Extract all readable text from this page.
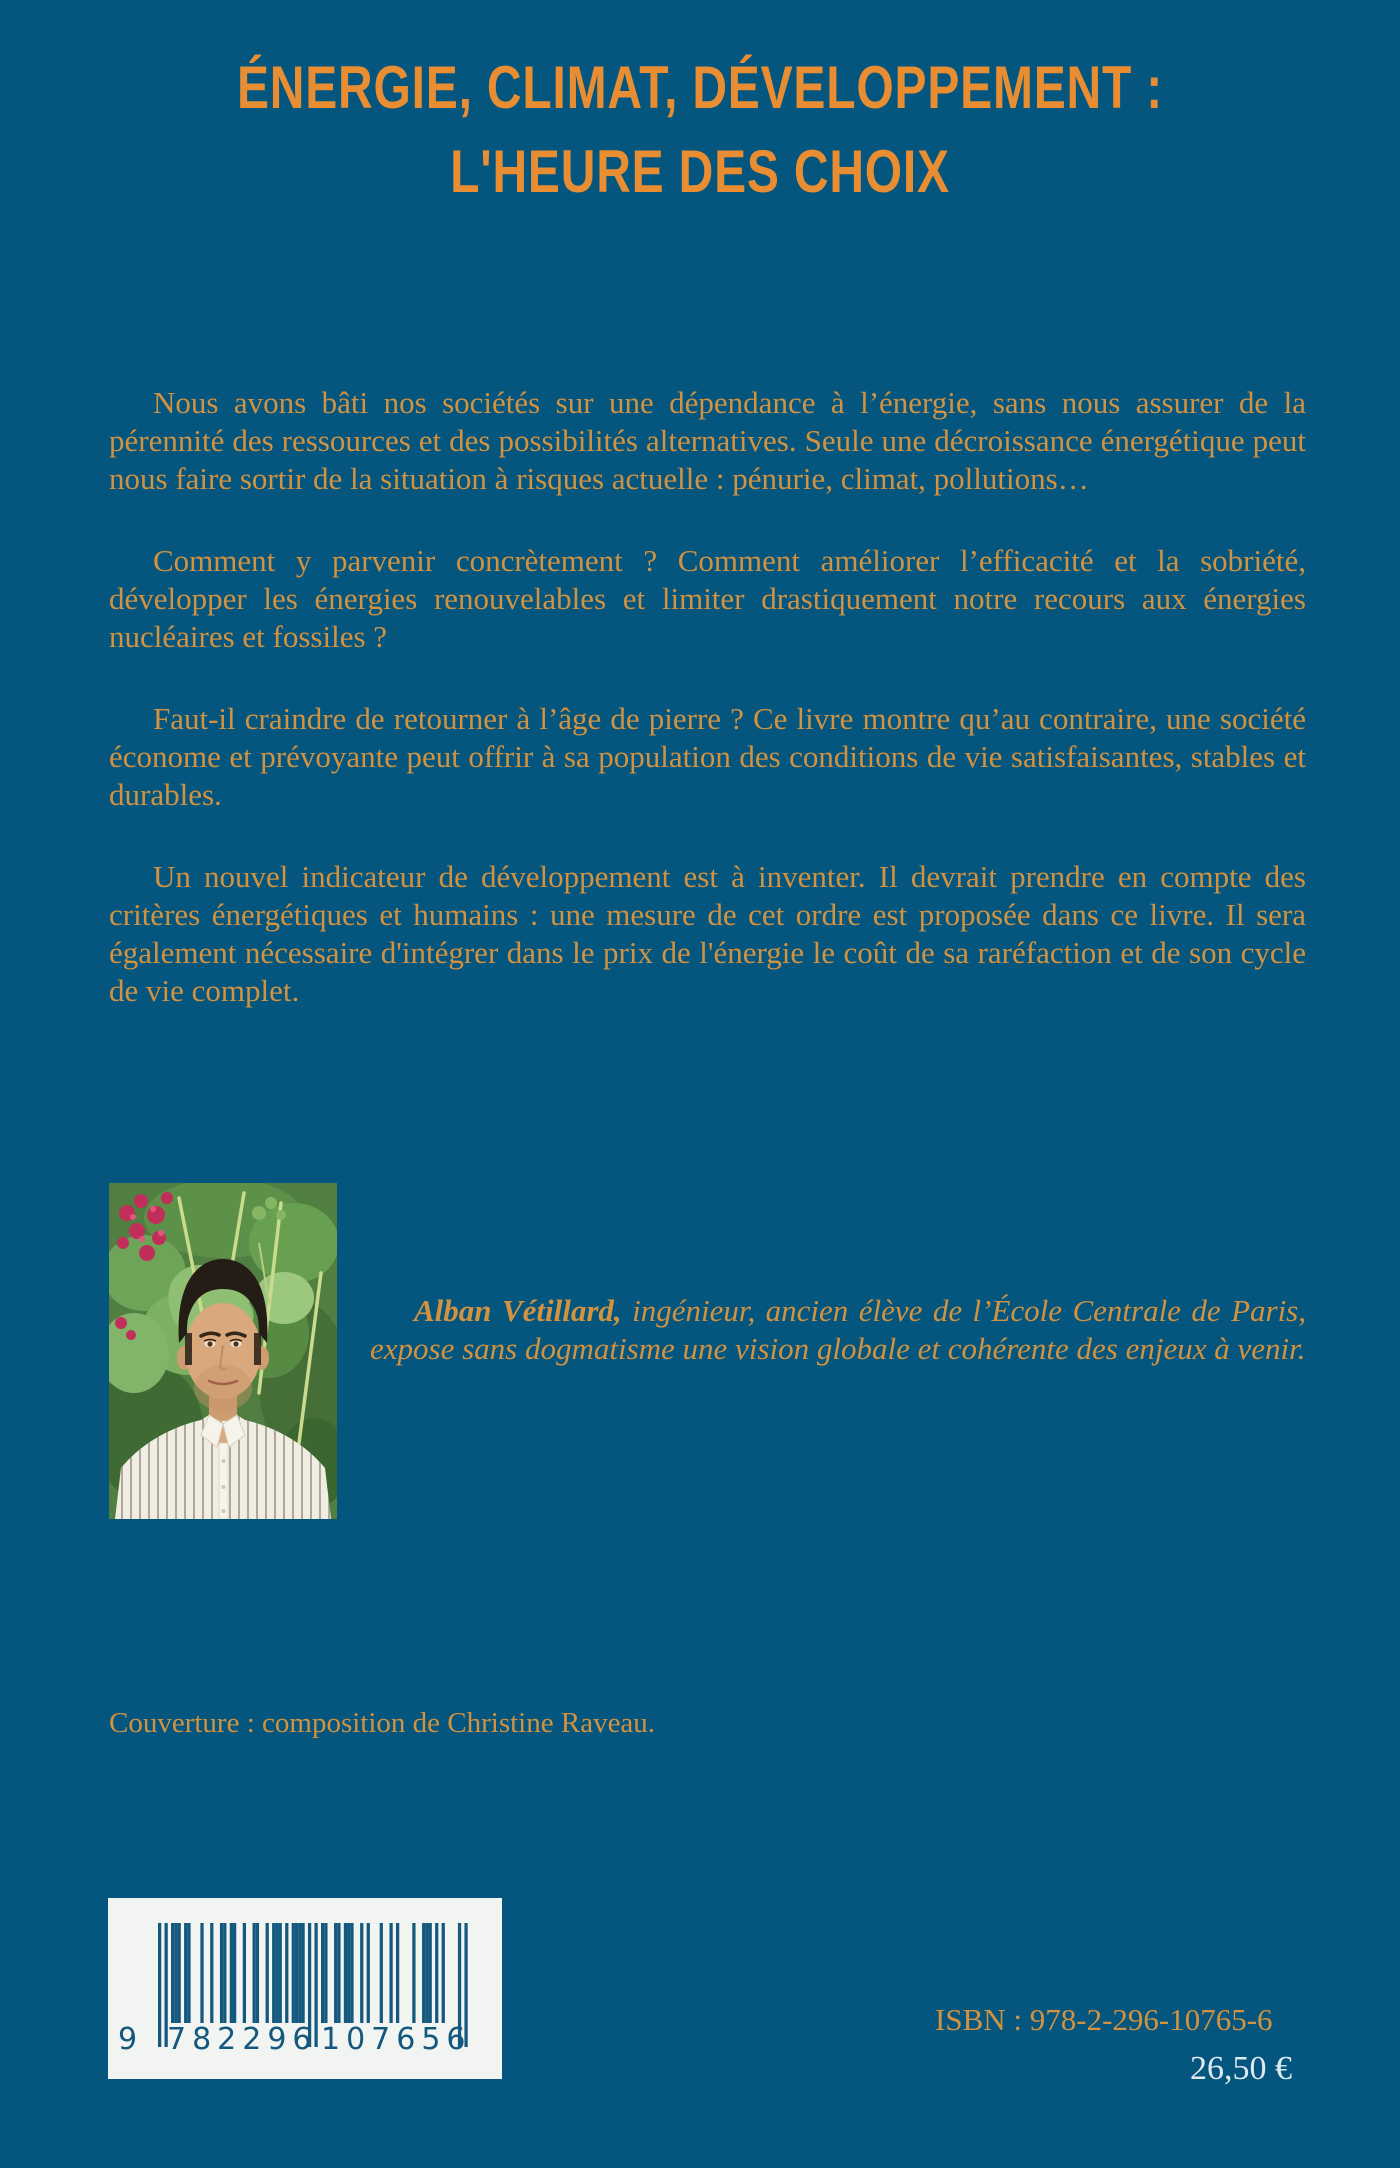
ÉNERGIE, CLIMAT, DÉVELOPPEMENT :
L'HEURE DES CHOIX

Nous avons bâti nos sociétés sur une dépendance à l’énergie, sans nous assurer de la pérennité des ressources et des possibilités alternatives. Seule une décroissance énergétique peut nous faire sortir de la situation à risques actuelle : pénurie, climat, pollutions…

Comment y parvenir concrètement ? Comment améliorer l’efficacité et la sobriété, développer les énergies renouvelables et limiter drastiquement notre recours aux énergies nucléaires et fossiles ?

Faut-il craindre de retourner à l’âge de pierre ? Ce livre montre qu’au contraire, une société économe et prévoyante peut offrir à sa population des conditions de vie satisfaisantes, stables et durables.

Un nouvel indicateur de développement est à inventer. Il devrait prendre en compte des critères énergétiques et humains : une mesure de cet ordre est proposée dans ce livre. Il sera également nécessaire d'intégrer dans le prix de l'énergie le coût de sa raréfaction et de son cycle de vie complet.

Alban Vétillard, ingénieur, ancien élève de l’École Centrale de Paris, expose sans dogmatisme une vision globale et cohérente des enjeux à venir.

Couverture : composition de Christine Raveau.

9 782296 107656
ISBN : 978-2-296-10765-6
26,50 €
